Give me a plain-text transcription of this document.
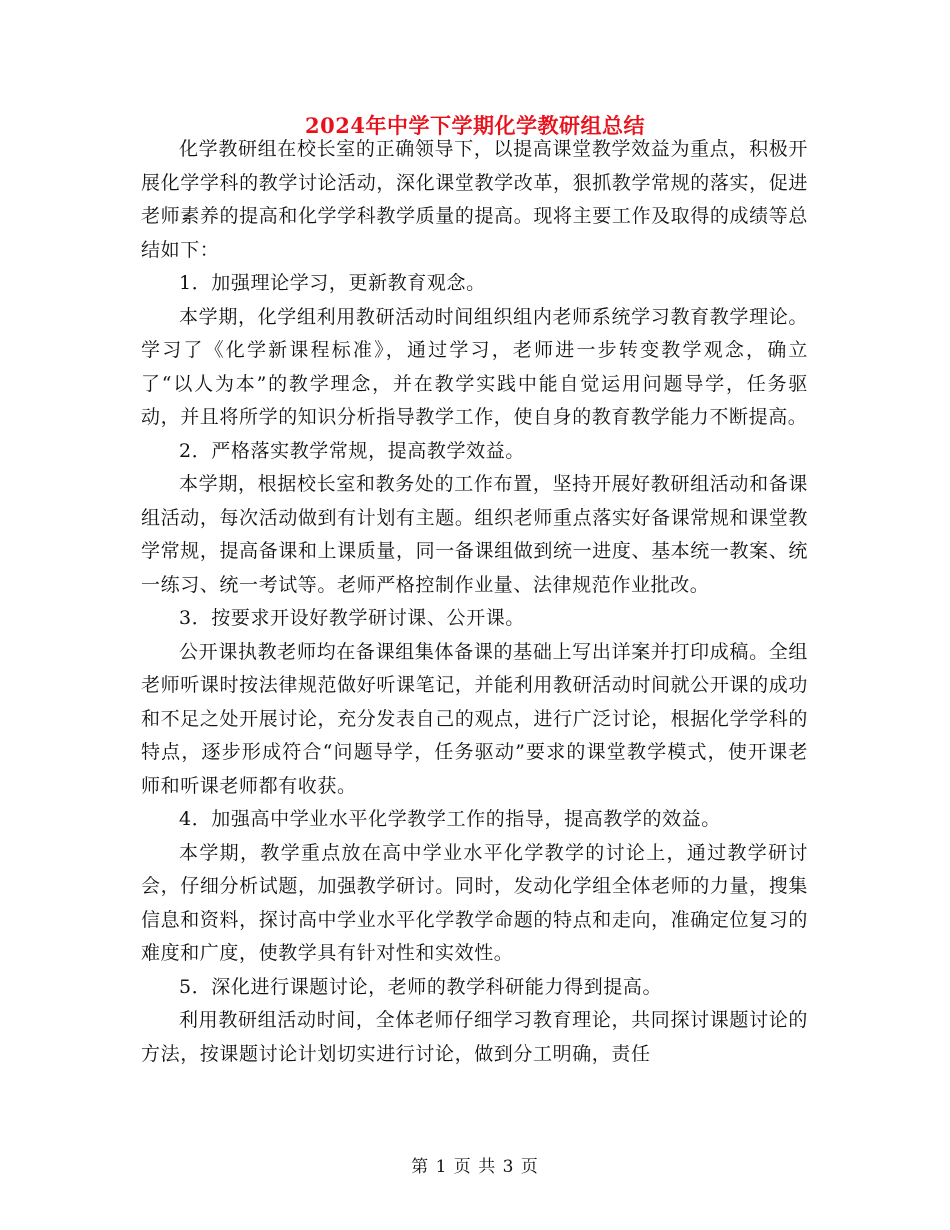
2024年中学下学期化学教研组总结

化学教研组在校长室的正确领导下，以提高课堂教学效益为重点，积极开展化学学科的教学讨论活动，深化课堂教学改革，狠抓教学常规的落实，促进老师素养的提高和化学学科教学质量的提高。现将主要工作及取得的成绩等总结如下：

1．加强理论学习，更新教育观念。

本学期，化学组利用教研活动时间组织组内老师系统学习教育教学理论。学习了《化学新课程标准》，通过学习，老师进一步转变教学观念，确立了“以人为本”的教学理念，并在教学实践中能自觉运用问题导学，任务驱动，并且将所学的知识分析指导教学工作，使自身的教育教学能力不断提高。

2．严格落实教学常规，提高教学效益。

本学期，根据校长室和教务处的工作布置，坚持开展好教研组活动和备课组活动，每次活动做到有计划有主题。组织老师重点落实好备课常规和课堂教学常规，提高备课和上课质量，同一备课组做到统一进度、基本统一教案、统一练习、统一考试等。老师严格控制作业量、法律规范作业批改。

3．按要求开设好教学研讨课、公开课。

公开课执教老师均在备课组集体备课的基础上写出详案并打印成稿。全组老师听课时按法律规范做好听课笔记，并能利用教研活动时间就公开课的成功和不足之处开展讨论，充分发表自己的观点，进行广泛讨论，根据化学学科的特点，逐步形成符合“问题导学，任务驱动”要求的课堂教学模式，使开课老师和听课老师都有收获。

4．加强高中学业水平化学教学工作的指导，提高教学的效益。

本学期，教学重点放在高中学业水平化学教学的讨论上，通过教学研讨会，仔细分析试题，加强教学研讨。同时，发动化学组全体老师的力量，搜集信息和资料，探讨高中学业水平化学教学命题的特点和走向，准确定位复习的难度和广度，使教学具有针对性和实效性。

5．深化进行课题讨论，老师的教学科研能力得到提高。

利用教研组活动时间，全体老师仔细学习教育理论，共同探讨课题讨论的方法，按课题讨论计划切实进行讨论，做到分工明确，责任

第 1 页 共 3 页
